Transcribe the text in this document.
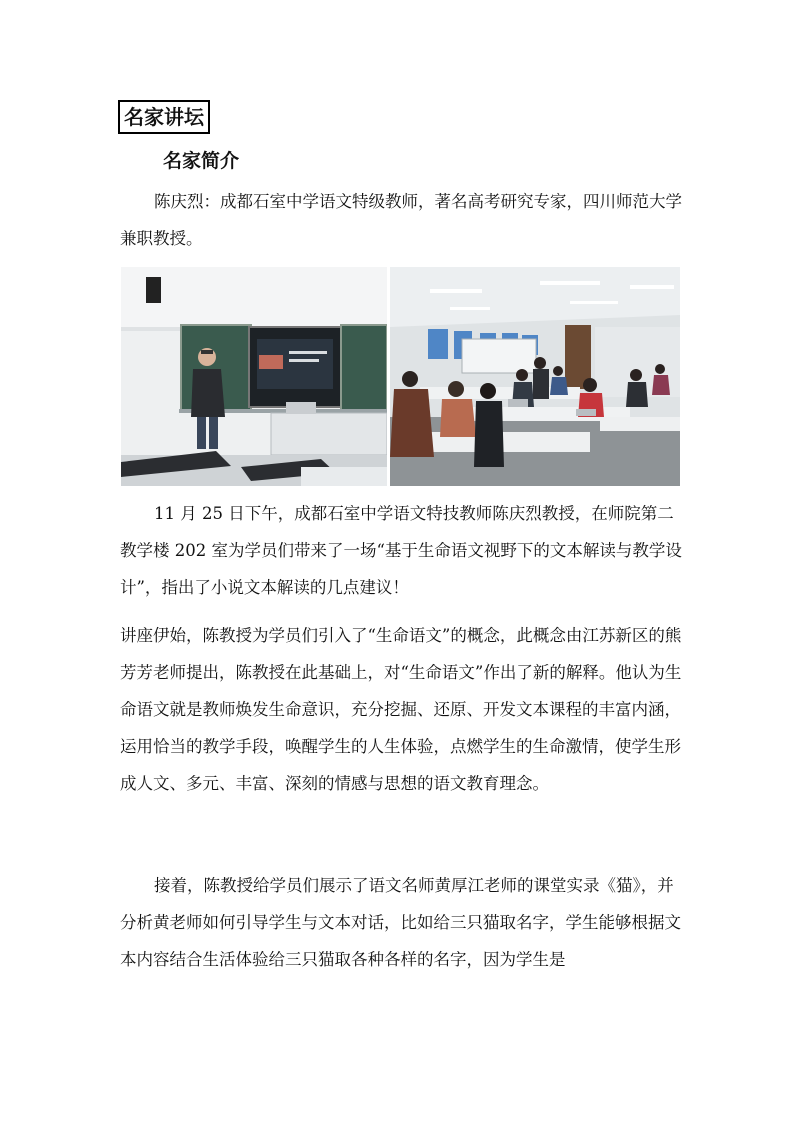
名家讲坛
名家简介

陈庆烈：成都石室中学语文特级教师，著名高考研究专家，四川师范大学兼职教授。

11 月 25 日下午，成都石室中学语文特技教师陈庆烈教授，在师院第二教学楼 202 室为学员们带来了一场“基于生命语文视野下的文本解读与教学设计”，指出了小说文本解读的几点建议！

讲座伊始，陈教授为学员们引入了“生命语文”的概念，此概念由江苏新区的熊芳芳老师提出，陈教授在此基础上，对“生命语文”作出了新的解释。他认为生命语文就是教师焕发生命意识，充分挖掘、还原、开发文本课程的丰富内涵，运用恰当的教学手段，唤醒学生的人生体验，点燃学生的生命激情，使学生形成人文、多元、丰富、深刻的情感与思想的语文教育理念。

接着，陈教授给学员们展示了语文名师黄厚江老师的课堂实录《猫》，并分析黄老师如何引导学生与文本对话，比如给三只猫取名字，学生能够根据文本内容结合生活体验给三只猫取各种各样的名字，因为学生是
